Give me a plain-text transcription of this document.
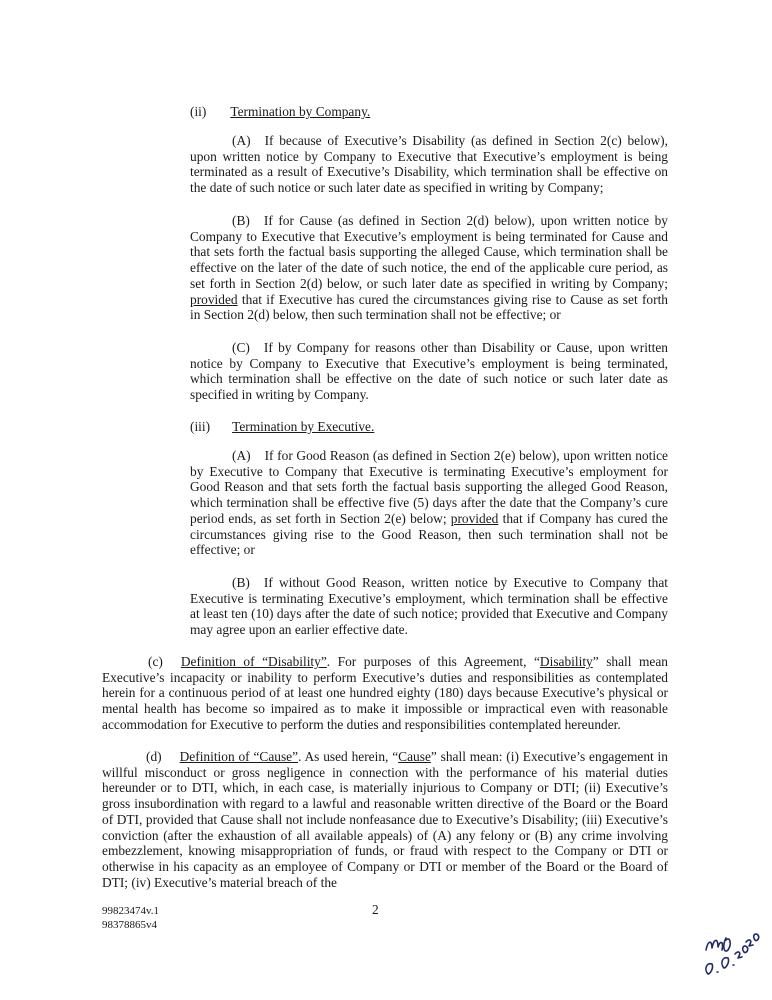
(ii) Termination by Company.

(A) If because of Executive’s Disability (as defined in Section 2(c) below), upon written notice by Company to Executive that Executive’s employment is being terminated as a result of Executive’s Disability, which termination shall be effective on the date of such notice or such later date as specified in writing by Company;

(B) If for Cause (as defined in Section 2(d) below), upon written notice by Company to Executive that Executive’s employment is being terminated for Cause and that sets forth the factual basis supporting the alleged Cause, which termination shall be effective on the later of the date of such notice, the end of the applicable cure period, as set forth in Section 2(d) below, or such later date as specified in writing by Company; provided that if Executive has cured the circumstances giving rise to Cause as set forth in Section 2(d) below, then such termination shall not be effective; or

(C) If by Company for reasons other than Disability or Cause, upon written notice by Company to Executive that Executive’s employment is being terminated, which termination shall be effective on the date of such notice or such later date as specified in writing by Company.

(iii) Termination by Executive.

(A) If for Good Reason (as defined in Section 2(e) below), upon written notice by Executive to Company that Executive is terminating Executive’s employment for Good Reason and that sets forth the factual basis supporting the alleged Good Reason, which termination shall be effective five (5) days after the date that the Company’s cure period ends, as set forth in Section 2(e) below; provided that if Company has cured the circumstances giving rise to the Good Reason, then such termination shall not be effective; or

(B) If without Good Reason, written notice by Executive to Company that Executive is terminating Executive’s employment, which termination shall be effective at least ten (10) days after the date of such notice; provided that Executive and Company may agree upon an earlier effective date.

(c) Definition of “Disability”. For purposes of this Agreement, “Disability” shall mean Executive’s incapacity or inability to perform Executive’s duties and responsibilities as contemplated herein for a continuous period of at least one hundred eighty (180) days because Executive’s physical or mental health has become so impaired as to make it impossible or impractical even with reasonable accommodation for Executive to perform the duties and responsibilities contemplated hereunder.

(d) Definition of “Cause”. As used herein, “Cause” shall mean: (i) Executive’s engagement in willful misconduct or gross negligence in connection with the performance of his material duties hereunder or to DTI, which, in each case, is materially injurious to Company or DTI; (ii) Executive’s gross insubordination with regard to a lawful and reasonable written directive of the Board or the Board of DTI, provided that Cause shall not include nonfeasance due to Executive’s Disability; (iii) Executive’s conviction (after the exhaustion of all available appeals) of (A) any felony or (B) any crime involving embezzlement, knowing misappropriation of funds, or fraud with respect to the Company or DTI or otherwise in his capacity as an employee of Company or DTI or member of the Board or the Board of DTI; (iv) Executive’s material breach of the

99823474v.1
98378865v4
2
